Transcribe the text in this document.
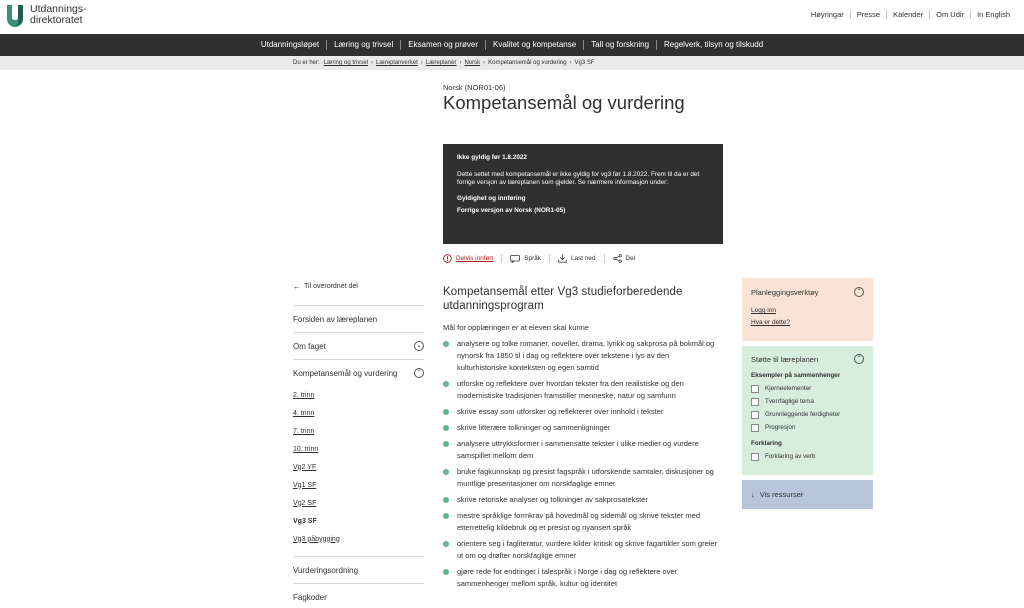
Utdannings-
direktoratet	Høyringar	Presse	Kalender	Om Udir	In English
Utdanningsløpet	Læring og trivsel	Eksamen og prøver	Kvalitet og kompetanse	Tall og forskning	Regelverk, tilsyn og tilskudd
Du er her: Læring og trivsel › Læreplanverket › Læreplaner › Norsk › Kompetansemål og vurdering › Vg3 SF
Norsk (NOR01-06)
Kompetansemål og vurdering
Ikke gyldig før 1.8.2022
Dette settet med kompetansemål er ikke gyldig for vg3 før 1.8.2022. Frem til da er det forrige versjon av læreplanen som gjelder. Se nærmere informasjon under:
Gyldighet og innføring
Forrige versjon av Norsk (NOR1-05)
Delvis innført	Språk	Last ned	Del
← Til overordnet del
Forsiden av læreplanen
Om faget	⌄
Kompetansemål og vurdering	⌃
2. trinn
4. trinn
7. trinn
10. trinn
Vg2 YF
Vg1 SF
Vg2 SF
Vg3 SF
Vg3 påbygging
Vurderingsordning
Fagkoder
Kompetansemål etter Vg3 studieforberedende utdanningsprogram
Mål for opplæringen er at eleven skal kunne
analysere og tolke romaner, noveller, drama, lyrikk og sakprosa på bokmål og nynorsk fra 1850 til i dag og reflektere over tekstene i lys av den kulturhistoriske konteksten og egen samtid
utforske og reflektere over hvordan tekster fra den realistiske og den modernistiske tradisjonen framstiller menneske, natur og samfunn
skrive essay som utforsker og reflekterer over innhold i tekster
skrive litterære tolkninger og sammenligninger
analysere uttrykksformer i sammensatte tekster i ulike medier og vurdere samspillet mellom dem
bruke fagkunnskap og presist fagspråk i utforskende samtaler, diskusjoner og muntlige presentasjoner om norskfaglige emner
skrive retoriske analyser og tolkninger av sakprosatekster
mestre språklige formkrav på hovedmål og sidemål og skrive tekster med etterrettelig kildebruk og et presist og nyansert språk
orientere seg i fagliteratur, vurdere kilder kritisk og skrive fagartikler som greier ut om og drøfter norskfaglige emner
gjøre rede for endringer i talespråk i Norge i dag og reflektere over sammenhenger mellom språk, kultur og identitet
Planleggingsverktøy	⌃
Logg inn
Hva er dette?
Støtte til læreplanen	⌃
Eksempler på sammenhenger
Kjerneelementer
Tverrfaglige tema
Grunnleggende ferdigheter
Progresjon
Forklaring
Forklaring av verb
↓ Vis ressurser
